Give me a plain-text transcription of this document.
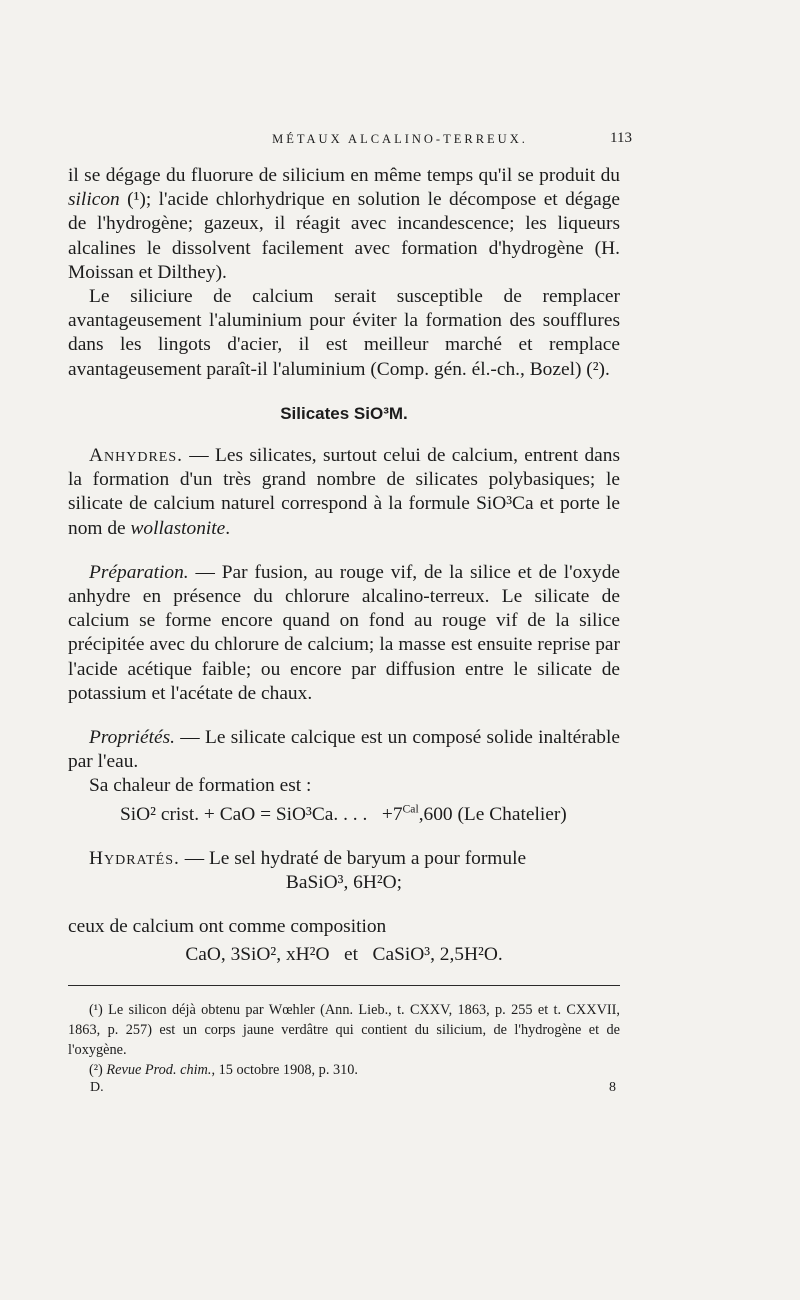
MÉTAUX ALCALINO-TERREUX.	113

il se dégage du fluorure de silicium en même temps qu'il se produit du silicon (¹); l'acide chlorhydrique en solution le décompose et dégage de l'hydrogène; gazeux, il réagit avec incandescence; les liqueurs alcalines le dissolvent facilement avec formation d'hydrogène (H. Moissan et Dilthey).

Le siliciure de calcium serait susceptible de remplacer avantageusement l'aluminium pour éviter la formation des soufflures dans les lingots d'acier, il est meilleur marché et remplace avantageusement paraît-il l'aluminium (Comp. gén. él.-ch., Bozel) (²).

Silicates SiO³M.

Anhydres. — Les silicates, surtout celui de calcium, entrent dans la formation d'un très grand nombre de silicates polybasiques; le silicate de calcium naturel correspond à la formule SiO³Ca et porte le nom de wollastonite.

Préparation. — Par fusion, au rouge vif, de la silice et de l'oxyde anhydre en présence du chlorure alcalino-terreux. Le silicate de calcium se forme encore quand on fond au rouge vif de la silice précipitée avec du chlorure de calcium; la masse est ensuite reprise par l'acide acétique faible; ou encore par diffusion entre le silicate de potassium et l'acétate de chaux.

Propriétés. — Le silicate calcique est un composé solide inaltérable par l'eau.

Sa chaleur de formation est :

SiO² crist. + CaO = SiO³Ca. . . . $+7^{Cal},600$ (Le Chatelier)

Hydratés. — Le sel hydraté de baryum a pour formule

BaSiO³, 6H²O;

ceux de calcium ont comme composition

CaO, 3SiO², xH²O   et   CaSiO³, 2,5H²O.

(¹) Le silicon déjà obtenu par Wœhler (Ann. Lieb., t. CXXV, 1863, p. 255 et t. CXXVII, 1863, p. 257) est un corps jaune verdâtre qui contient du silicium, de l'hydrogène et de l'oxygène.

(²) Revue Prod. chim., 15 octobre 1908, p. 310.

D.	8
